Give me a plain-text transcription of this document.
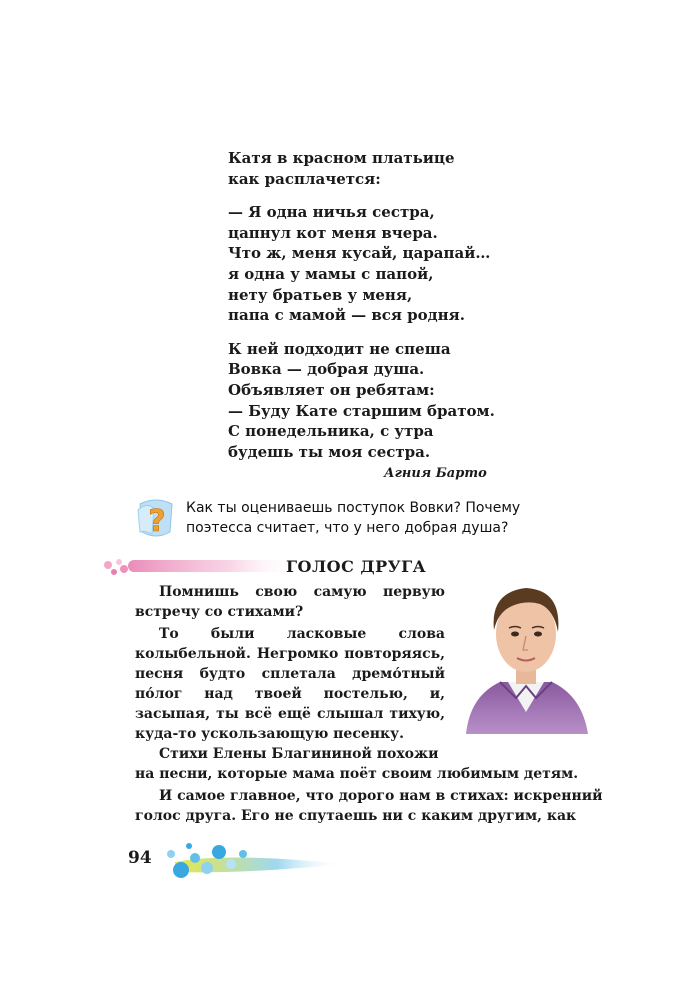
Катя в красном платьице
как расплачется:
— Я одна ничья сестра,
цапнул кот меня вчера.
Что ж, меня кусай, царапай…
я одна у мамы с папой,
нету братьев у меня,
папа с мамой — вся родня.
К ней подходит не спеша
Вовка — добрая душа.
Объявляет он ребятам:
— Буду Кате старшим братом.
С понедельника, с утра
будешь ты моя сестра.
Агния Барто
? Как ты оцениваешь поступок Вовки? Почему поэтесса считает, что у него добрая душа?
ГОЛОС ДРУГА
Помнишь свою самую первую встречу со стихами?
То были ласковые слова колыбельной. Негромко повторяясь, песня будто сплетала дремо́тный по́лог над твоей постелью, и, засыпая, ты всё ещё слышал тихую, куда-то ускользающую песенку.
Стихи Елены Благининой похожи
на песни, которые мама поёт своим любимым детям.
И самое главное, что дорого нам в стихах: искренний
голос друга. Его не спутаешь ни с каким другим, как
94
